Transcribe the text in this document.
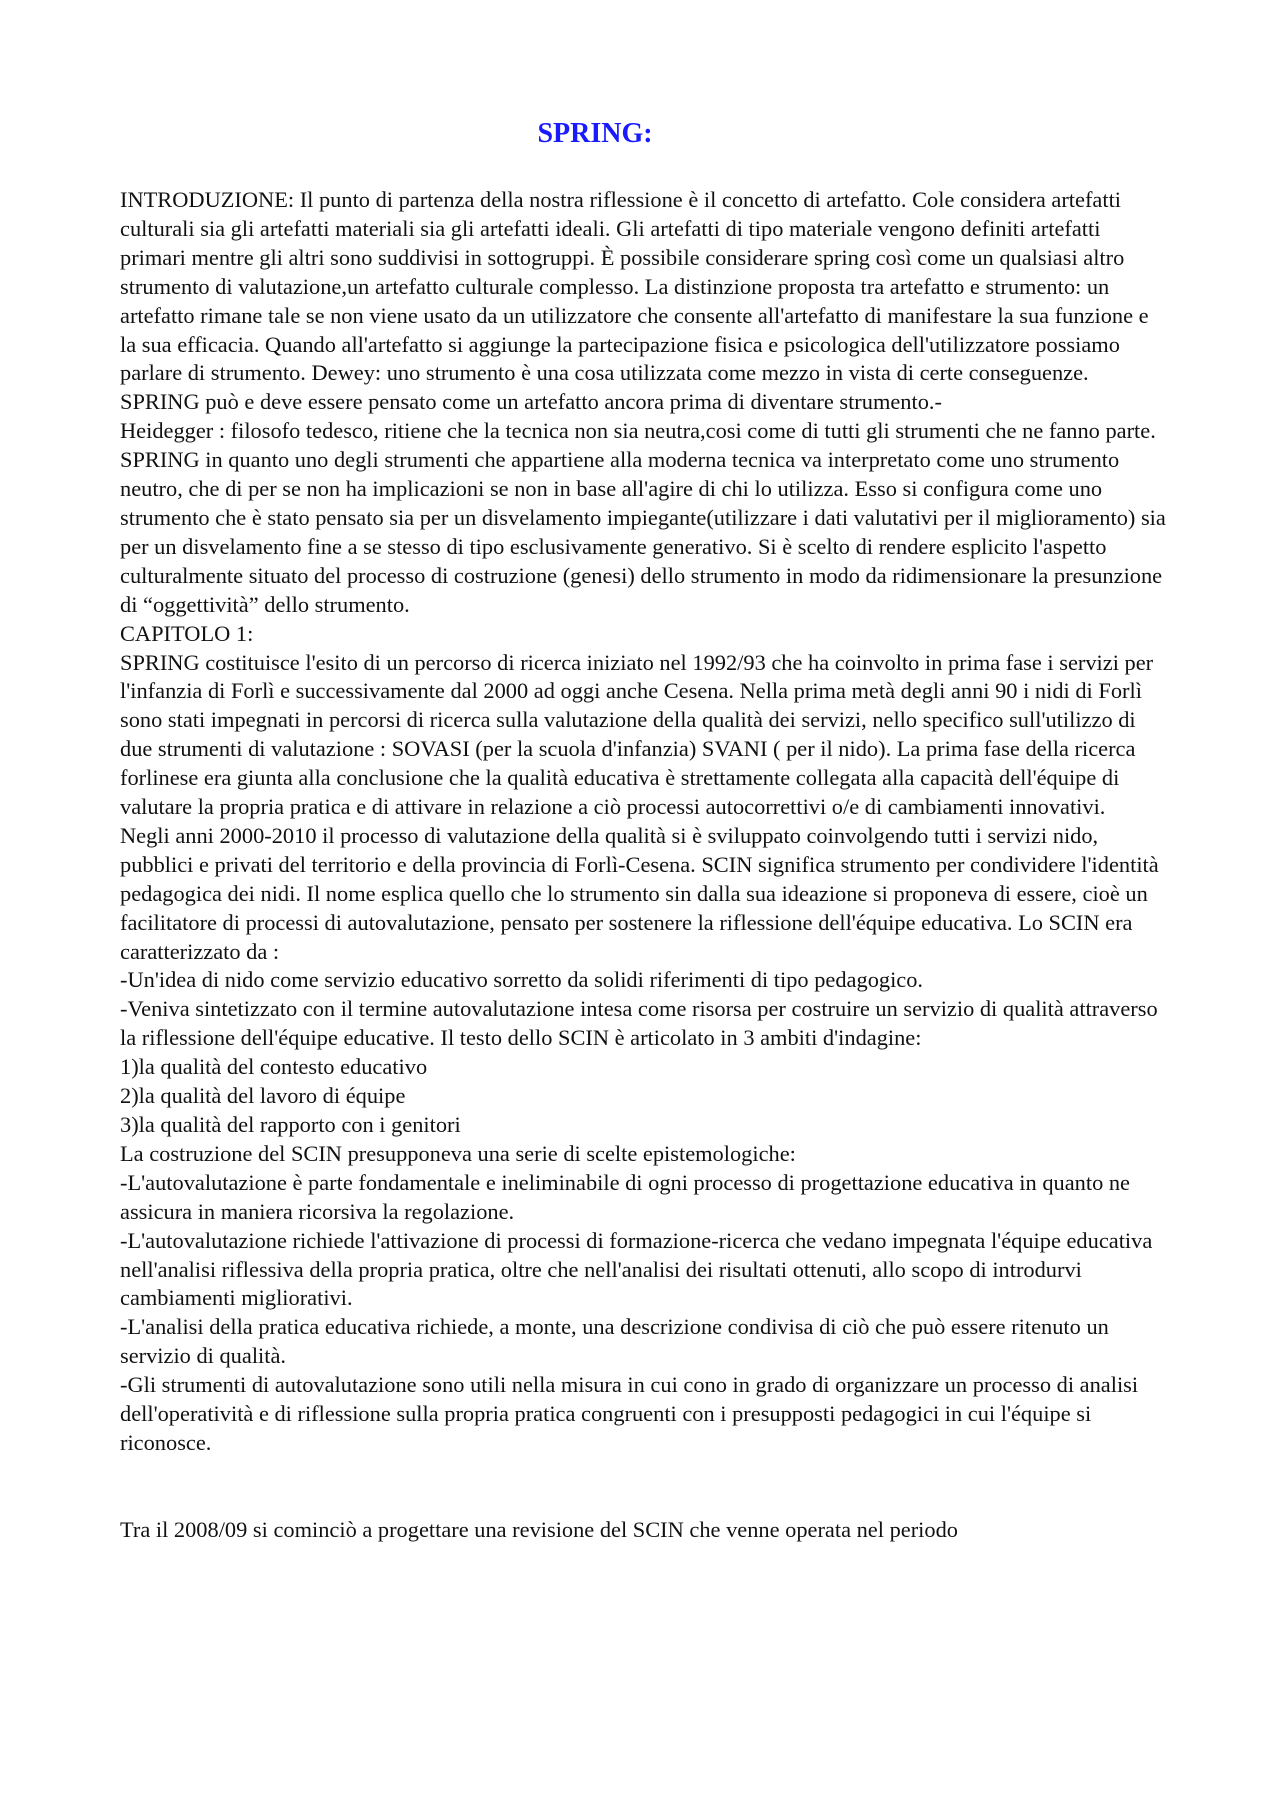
SPRING:

INTRODUZIONE: Il punto di partenza della nostra riflessione è il concetto di artefatto. Cole considera artefatti culturali sia gli artefatti materiali sia gli artefatti ideali. Gli artefatti di tipo materiale vengono definiti artefatti primari mentre gli altri sono suddivisi in sottogruppi. È possibile considerare spring così come un qualsiasi altro strumento di valutazione,un artefatto culturale complesso. La distinzione proposta tra artefatto e strumento: un artefatto rimane tale se non viene usato da un utilizzatore che consente all'artefatto di manifestare la sua funzione e la sua efficacia. Quando all'artefatto si aggiunge la partecipazione fisica e psicologica dell'utilizzatore possiamo parlare di strumento. Dewey: uno strumento è una cosa utilizzata come mezzo in vista di certe conseguenze.

SPRING può e deve essere pensato come un artefatto ancora prima di diventare strumento.-

Heidegger : filosofo tedesco, ritiene che la tecnica non sia neutra,cosi come di tutti gli strumenti che ne fanno parte. SPRING in quanto uno degli strumenti che appartiene alla moderna tecnica va interpretato come uno strumento neutro, che di per se non ha implicazioni se non in base all'agire di chi lo utilizza. Esso si configura come uno strumento che è stato pensato sia per un disvelamento impiegante(utilizzare i dati valutativi per il miglioramento) sia per un disvelamento fine a se stesso di tipo esclusivamente generativo. Si è scelto di rendere esplicito l'aspetto culturalmente situato del processo di costruzione (genesi) dello strumento in modo da ridimensionare la presunzione di “oggettività” dello strumento.

CAPITOLO 1:

SPRING costituisce l'esito di un percorso di ricerca iniziato nel 1992/93 che ha coinvolto in prima fase i servizi per l'infanzia di Forlì e successivamente dal 2000 ad oggi anche Cesena. Nella prima metà degli anni 90 i nidi di Forlì sono stati impegnati in percorsi di ricerca sulla valutazione della qualità dei servizi, nello specifico sull'utilizzo di due strumenti di valutazione : SOVASI (per la scuola d'infanzia) SVANI ( per il nido). La prima fase della ricerca forlinese era giunta alla conclusione che la qualità educativa è strettamente collegata alla capacità dell'équipe di valutare la propria pratica e di attivare in relazione a ciò processi autocorrettivi o/e di cambiamenti innovativi.

Negli anni 2000-2010 il processo di valutazione della qualità si è sviluppato coinvolgendo tutti i servizi nido, pubblici e privati del territorio e della provincia di Forlì-Cesena. SCIN significa strumento per condividere l'identità pedagogica dei nidi. Il nome esplica quello che lo strumento sin dalla sua ideazione si proponeva di essere, cioè un facilitatore di processi di autovalutazione, pensato per sostenere la riflessione dell'équipe educativa. Lo SCIN era caratterizzato da :

-Un'idea di nido come servizio educativo sorretto da solidi riferimenti di tipo pedagogico.

-Veniva sintetizzato con il termine autovalutazione intesa come risorsa per costruire un servizio di qualità attraverso la riflessione dell'équipe educative. Il testo dello SCIN è articolato in 3 ambiti d'indagine:

1)la qualità del contesto educativo

2)la qualità del lavoro di équipe

3)la qualità del rapporto con i genitori

La costruzione del SCIN presupponeva una serie di scelte epistemologiche:

-L'autovalutazione è parte fondamentale e ineliminabile di ogni processo di progettazione educativa in quanto ne assicura in maniera ricorsiva la regolazione.

-L'autovalutazione richiede l'attivazione di processi di formazione-ricerca che vedano impegnata l'équipe educativa nell'analisi riflessiva della propria pratica, oltre che nell'analisi dei risultati ottenuti, allo scopo di introdurvi cambiamenti migliorativi.

-L'analisi della pratica educativa richiede, a monte, una descrizione condivisa di ciò che può essere ritenuto un servizio di qualità.

-Gli strumenti di autovalutazione sono utili nella misura in cui cono in grado di organizzare un processo di analisi dell'operatività e di riflessione sulla propria pratica congruenti con i presupposti pedagogici in cui l'équipe si riconosce.

Tra il 2008/09 si cominciò a progettare una revisione del SCIN che venne operata nel periodo
